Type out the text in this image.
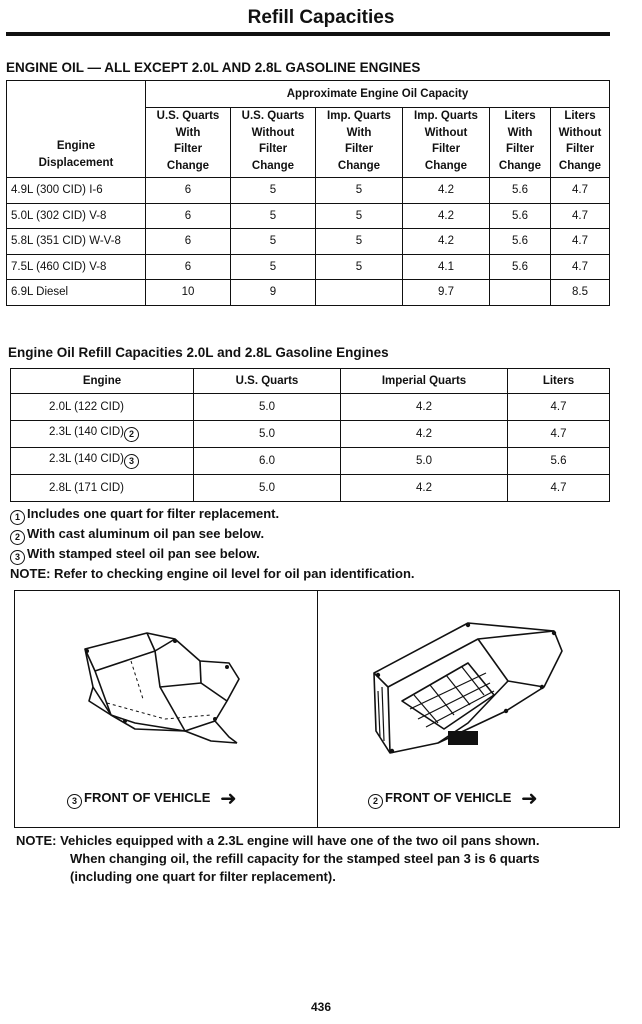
Refill Capacities
ENGINE OIL — ALL EXCEPT 2.0L AND 2.8L GASOLINE ENGINES
Engine
Displacement	Approximate Engine Oil Capacity					
	U.S. Quarts
With
Filter
Change	U.S. Quarts
Without
Filter
Change	Imp. Quarts
With
Filter
Change	Imp. Quarts
Without
Filter
Change	Liters
With
Filter
Change	Liters
Without
Filter
Change
4.9L (300 CID) I-6	6	5	5	4.2	5.6	4.7
5.0L (302 CID) V-8	6	5	5	4.2	5.6	4.7
5.8L (351 CID) W-V-8	6	5	5	4.2	5.6	4.7
7.5L (460 CID) V-8	6	5	5	4.1	5.6	4.7
6.9L Diesel	10	9		9.7		8.5
Engine Oil Refill Capacities 2.0L and 2.8L Gasoline Engines
Engine	U.S. Quarts	Imperial Quarts	Liters
2.0L (122 CID)	5.0	4.2	4.7
2.3L (140 CID) 2	5.0	4.2	4.7
2.3L (140 CID) 3	6.0	5.0	5.6
2.8L (171 CID)	5.0	4.2	4.7
1 Includes one quart for filter replacement.
2 With cast aluminum oil pan see below.
3 With stamped steel oil pan see below.
NOTE: Refer to checking engine oil level for oil pan identification.
3 FRONT OF VEHICLE ➜	2 FRONT OF VEHICLE ➜
NOTE: Vehicles equipped with a 2.3L engine will have one of the two oil pans shown.
When changing oil, the refill capacity for the stamped steel pan 3 is 6 quarts
(including one quart for filter replacement).
436
